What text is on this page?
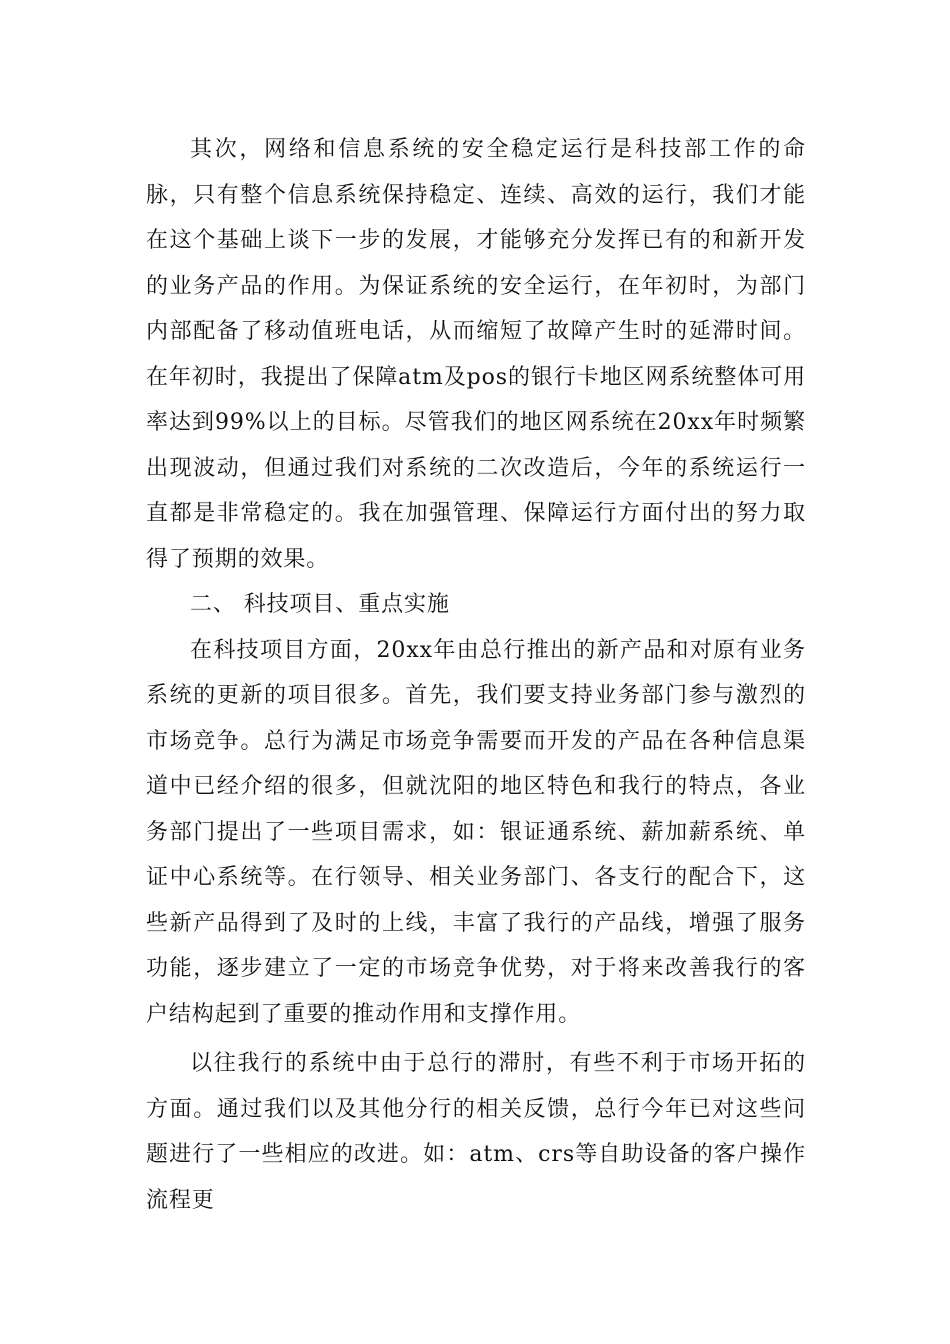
其次，网络和信息系统的安全稳定运行是科技部工作的命脉，只有整个信息系统保持稳定、连续、高效的运行，我们才能在这个基础上谈下一步的发展，才能够充分发挥已有的和新开发的业务产品的作用。为保证系统的安全运行，在年初时，为部门内部配备了移动值班电话，从而缩短了故障产生时的延滞时间。在年初时，我提出了保障atm及pos的银行卡地区网系统整体可用率达到99%以上的目标。尽管我们的地区网系统在20xx年时频繁出现波动，但通过我们对系统的二次改造后，今年的系统运行一直都是非常稳定的。我在加强管理、保障运行方面付出的努力取得了预期的效果。

二、 科技项目、重点实施

在科技项目方面，20xx年由总行推出的新产品和对原有业务系统的更新的项目很多。首先，我们要支持业务部门参与激烈的市场竞争。总行为满足市场竞争需要而开发的产品在各种信息渠道中已经介绍的很多，但就沈阳的地区特色和我行的特点，各业务部门提出了一些项目需求，如：银证通系统、薪加薪系统、单证中心系统等。在行领导、相关业务部门、各支行的配合下，这些新产品得到了及时的上线，丰富了我行的产品线，增强了服务功能，逐步建立了一定的市场竞争优势，对于将来改善我行的客户结构起到了重要的推动作用和支撑作用。

以往我行的系统中由于总行的滞肘，有些不利于市场开拓的方面。通过我们以及其他分行的相关反馈，总行今年已对这些问题进行了一些相应的改进。如：atm、crs等自助设备的客户操作流程更
